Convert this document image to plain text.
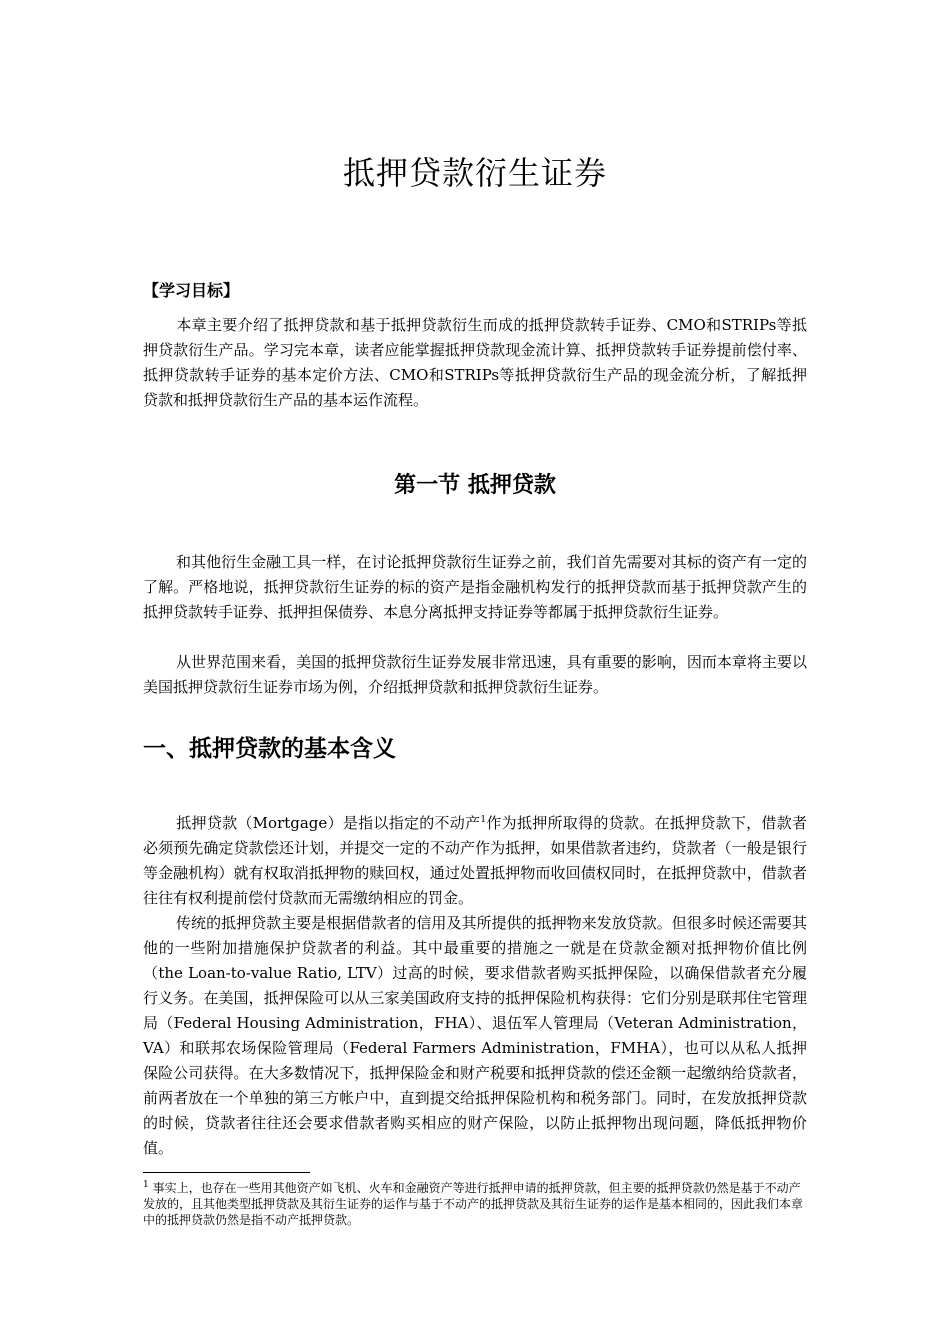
抵押贷款衍生证券
【学习目标】

本章主要介绍了抵押贷款和基于抵押贷款衍生而成的抵押贷款转手证券、CMO和STRIPs等抵押贷款衍生产品。学习完本章，读者应能掌握抵押贷款现金流计算、抵押贷款转手证券提前偿付率、抵押贷款转手证券的基本定价方法、CMO和STRIPs等抵押贷款衍生产品的现金流分析，了解抵押贷款和抵押贷款衍生产品的基本运作流程。

第一节 抵押贷款

和其他衍生金融工具一样，在讨论抵押贷款衍生证券之前，我们首先需要对其标的资产有一定的了解。严格地说，抵押贷款衍生证券的标的资产是指金融机构发行的抵押贷款而基于抵押贷款产生的抵押贷款转手证券、抵押担保债券、本息分离抵押支持证券等都属于抵押贷款衍生证券。

从世界范围来看，美国的抵押贷款衍生证券发展非常迅速，具有重要的影响，因而本章将主要以美国抵押贷款衍生证券市场为例，介绍抵押贷款和抵押贷款衍生证券。

一、抵押贷款的基本含义

抵押贷款（Mortgage）是指以指定的不动产$^1$作为抵押所取得的贷款。在抵押贷款下，借款者必须预先确定贷款偿还计划，并提交一定的不动产作为抵押，如果借款者违约，贷款者（一般是银行等金融机构）就有权取消抵押物的赎回权，通过处置抵押物而收回债权同时，在抵押贷款中，借款者往往有权利提前偿付贷款而无需缴纳相应的罚金。

传统的抵押贷款主要是根据借款者的信用及其所提供的抵押物来发放贷款。但很多时候还需要其他的一些附加措施保护贷款者的利益。其中最重要的措施之一就是在贷款金额对抵押物价值比例（the Loan-to-value Ratio, LTV）过高的时候，要求借款者购买抵押保险，以确保借款者充分履行义务。在美国，抵押保险可以从三家美国政府支持的抵押保险机构获得：它们分别是联邦住宅管理局（Federal Housing Administration，FHA）、退伍军人管理局（Veteran Administration，VA）和联邦农场保险管理局（Federal Farmers Administration，FMHA），也可以从私人抵押保险公司获得。在大多数情况下，抵押保险金和财产税要和抵押贷款的偿还金额一起缴纳给贷款者，前两者放在一个单独的第三方帐户中，直到提交给抵押保险机构和税务部门。同时，在发放抵押贷款的时候，贷款者往往还会要求借款者购买相应的财产保险，以防止抵押物出现问题，降低抵押物价值。

$^1$ 事实上，也存在一些用其他资产如飞机、火车和金融资产等进行抵押申请的抵押贷款，但主要的抵押贷款仍然是基于不动产发放的，且其他类型抵押贷款及其衍生证券的运作与基于不动产的抵押贷款及其衍生证券的运作是基本相同的，因此我们本章中的抵押贷款仍然是指不动产抵押贷款。
